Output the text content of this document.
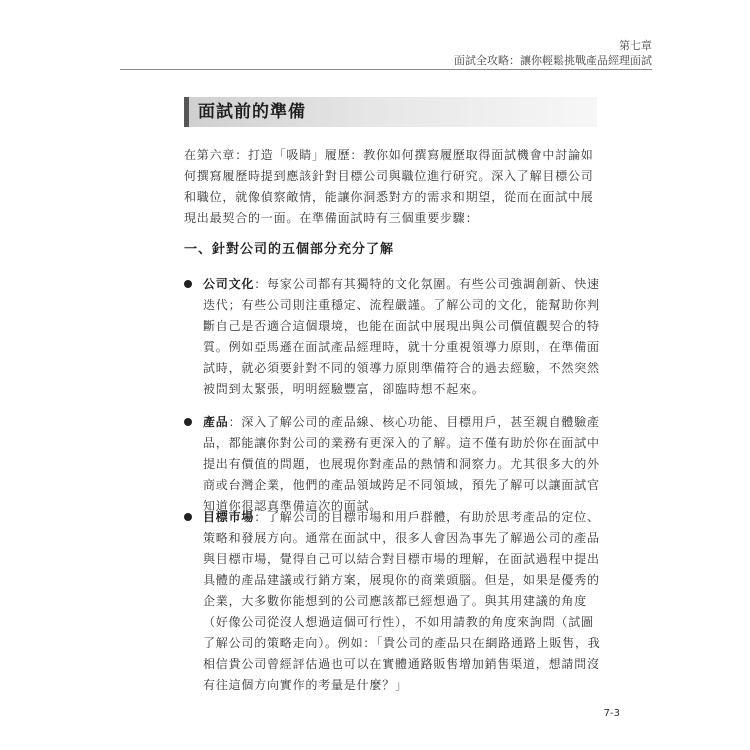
第七章
面試全攻略：讓你輕鬆挑戰產品經理面試
面試前的準備
在第六章：打造「吸睛」履歷：教你如何撰寫履歷取得面試機會中討論如何撰寫履歷時提到應該針對目標公司與職位進行研究。深入了解目標公司和職位，就像偵察敵情，能讓你洞悉對方的需求和期望，從而在面試中展現出最契合的一面。在準備面試時有三個重要步驟：
一、針對公司的五個部分充分了解
公司文化：每家公司都有其獨特的文化氛圍。有些公司強調創新、快速迭代；有些公司則注重穩定、流程嚴謹。了解公司的文化，能幫助你判斷自己是否適合這個環境，也能在面試中展現出與公司價值觀契合的特質。例如亞馬遜在面試產品經理時，就十分重視領導力原則，在準備面試時，就必須要針對不同的領導力原則準備符合的過去經驗，不然突然被問到太緊張，明明經驗豐富，卻臨時想不起來。
產品：深入了解公司的產品線、核心功能、目標用戶，甚至親自體驗產品，都能讓你對公司的業務有更深入的了解。這不僅有助於你在面試中提出有價值的問題，也展現你對產品的熱情和洞察力。尤其很多大的外商或台灣企業，他們的產品領域跨足不同領域，預先了解可以讓面試官知道你很認真準備這次的面試。
目標市場：了解公司的目標市場和用戶群體，有助於思考產品的定位、策略和發展方向。通常在面試中，很多人會因為事先了解過公司的產品與目標市場，覺得自己可以結合對目標市場的理解，在面試過程中提出具體的產品建議或行銷方案，展現你的商業頭腦。但是，如果是優秀的企業，大多數你能想到的公司應該都已經想過了。與其用建議的角度（好像公司從沒人想過這個可行性），不如用請教的角度來詢問（試圖了解公司的策略走向）。例如：「貴公司的產品只在網路通路上販售，我相信貴公司曾經評估過也可以在實體通路販售增加銷售渠道，想請問沒有往這個方向實作的考量是什麼？」
7-3
